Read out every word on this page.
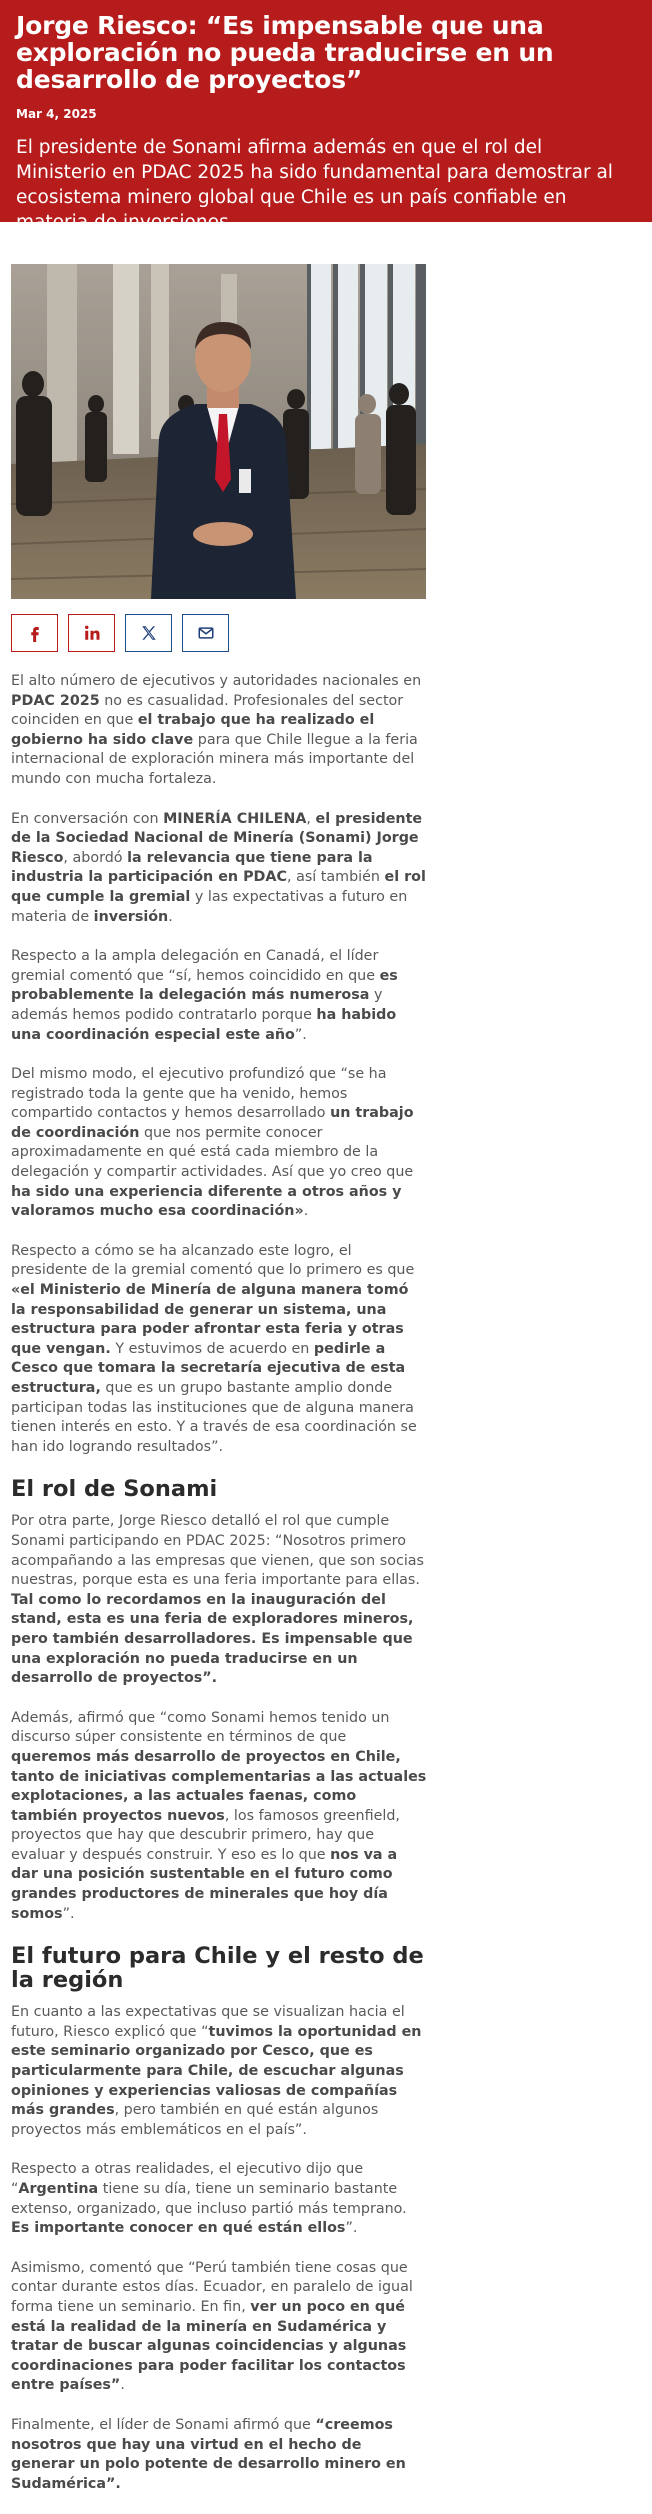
Jorge Riesco: “Es impensable que una exploración no pueda traducirse en un desarrollo de proyectos”
Mar 4, 2025

El presidente de Sonami afirma además en que el rol del Ministerio en PDAC 2025 ha sido fundamental para demostrar al ecosistema minero global que Chile es un país confiable en materia de inversiones.

El alto número de ejecutivos y autoridades nacionales en PDAC 2025 no es casualidad. Profesionales del sector coinciden en que el trabajo que ha realizado el gobierno ha sido clave para que Chile llegue a la feria internacional de exploración minera más importante del mundo con mucha fortaleza.

En conversación con MINERÍA CHILENA, el presidente de la Sociedad Nacional de Minería (Sonami) Jorge Riesco, abordó la relevancia que tiene para la industria la participación en PDAC, así también el rol que cumple la gremial y las expectativas a futuro en materia de inversión.

Respecto a la ampla delegación en Canadá, el líder gremial comentó que “sí, hemos coincidido en que es probablemente la delegación más numerosa y además hemos podido contratarlo porque ha habido una coordinación especial este año”.

Del mismo modo, el ejecutivo profundizó que “se ha registrado toda la gente que ha venido, hemos compartido contactos y hemos desarrollado un trabajo de coordinación que nos permite conocer aproximadamente en qué está cada miembro de la delegación y compartir actividades. Así que yo creo que ha sido una experiencia diferente a otros años y valoramos mucho esa coordinación».

Respecto a cómo se ha alcanzado este logro, el presidente de la gremial comentó que lo primero es que «el Ministerio de Minería de alguna manera tomó la responsabilidad de generar un sistema, una estructura para poder afrontar esta feria y otras que vengan. Y estuvimos de acuerdo en pedirle a Cesco que tomara la secretaría ejecutiva de esta estructura, que es un grupo bastante amplio donde participan todas las instituciones que de alguna manera tienen interés en esto. Y a través de esa coordinación se han ido logrando resultados”.

El rol de Sonami

Por otra parte, Jorge Riesco detalló el rol que cumple Sonami participando en PDAC 2025: “Nosotros primero acompañando a las empresas que vienen, que son socias nuestras, porque esta es una feria importante para ellas. Tal como lo recordamos en la inauguración del stand, esta es una feria de exploradores mineros, pero también desarrolladores. Es impensable que una exploración no pueda traducirse en un desarrollo de proyectos”.

Además, afirmó que “como Sonami hemos tenido un discurso súper consistente en términos de que queremos más desarrollo de proyectos en Chile, tanto de iniciativas complementarias a las actuales explotaciones, a las actuales faenas, como también proyectos nuevos, los famosos greenfield, proyectos que hay que descubrir primero, hay que evaluar y después construir. Y eso es lo que nos va a dar una posición sustentable en el futuro como grandes productores de minerales que hoy día somos”.

El futuro para Chile y el resto de la región

En cuanto a las expectativas que se visualizan hacia el futuro, Riesco explicó que “tuvimos la oportunidad en este seminario organizado por Cesco, que es particularmente para Chile, de escuchar algunas opiniones y experiencias valiosas de compañías más grandes, pero también en qué están algunos proyectos más emblemáticos en el país”.

Respecto a otras realidades, el ejecutivo dijo que “Argentina tiene su día, tiene un seminario bastante extenso, organizado, que incluso partió más temprano. Es importante conocer en qué están ellos”.

Asimismo, comentó que “Perú también tiene cosas que contar durante estos días. Ecuador, en paralelo de igual forma tiene un seminario. En fin, ver un poco en qué está la realidad de la minería en Sudamérica y tratar de buscar algunas coincidencias y algunas coordinaciones para poder facilitar los contactos entre países”.

Finalmente, el líder de Sonami afirmó que “creemos nosotros que hay una virtud en el hecho de generar un polo potente de desarrollo minero en Sudamérica”.
